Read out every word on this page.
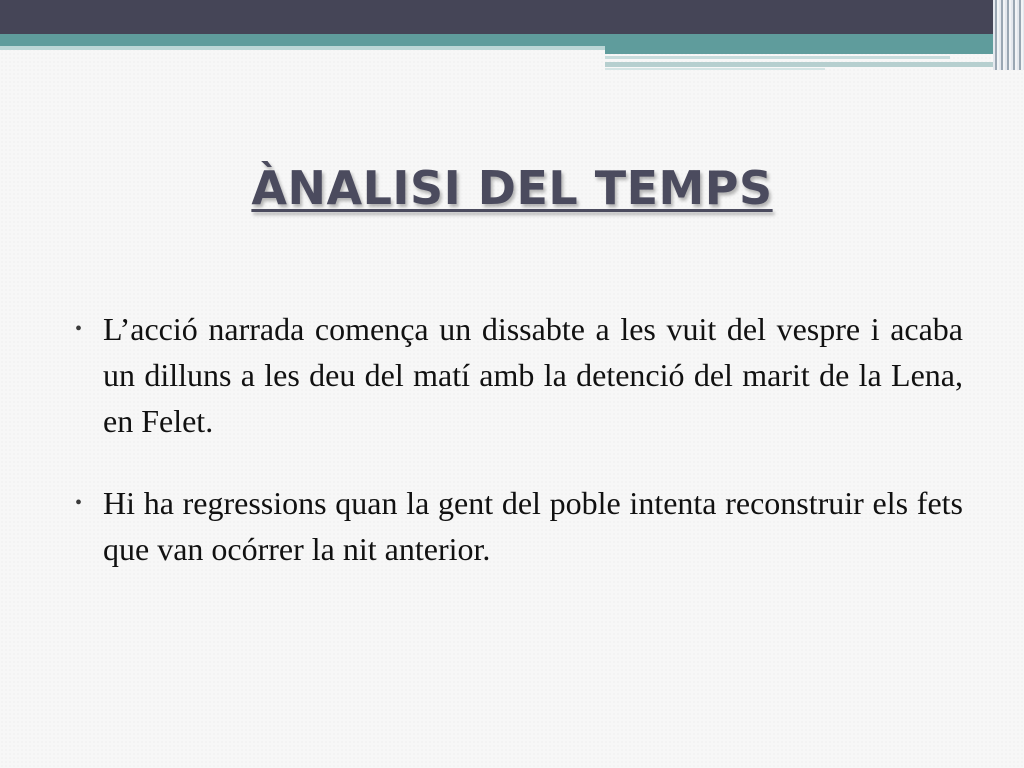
ÀNALISI DEL TEMPS
• L’acció narrada comença un dissabte a les vuit del vespre i acaba un dilluns a les deu del matí amb la detenció del marit de la Lena, en Felet.
• Hi ha regressions quan la gent del poble intenta reconstruir els fets que van ocórrer la nit anterior.
